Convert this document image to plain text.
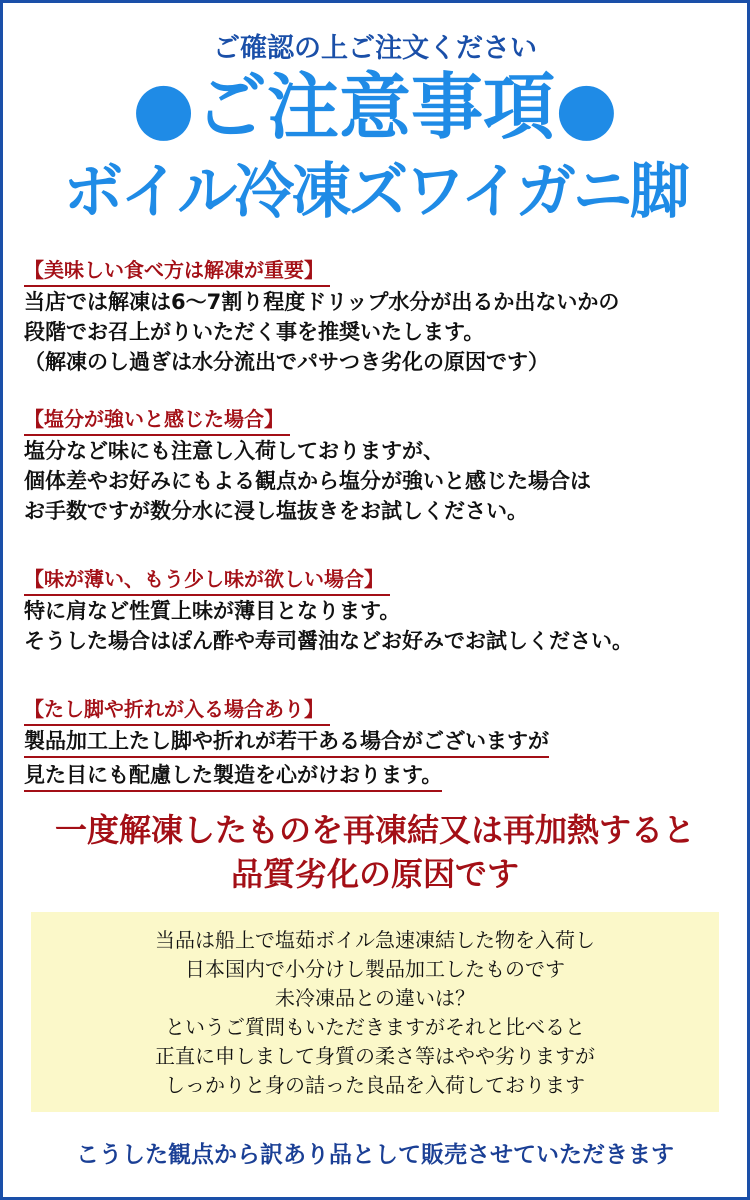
ご確認の上ご注文ください
●ご注意事項●
ボイル冷凍ズワイガニ脚
【美味しい食べ方は解凍が重要】
当店では解凍は6〜7割り程度ドリップ水分が出るか出ないかの
段階でお召上がりいただく事を推奨いたします。
（解凍のし過ぎは水分流出でパサつき劣化の原因です）
【塩分が強いと感じた場合】
塩分など味にも注意し入荷しておりますが、
個体差やお好みにもよる観点から塩分が強いと感じた場合は
お手数ですが数分水に浸し塩抜きをお試しください。
【味が薄い、もう少し味が欲しい場合】
特に肩など性質上味が薄目となります。
そうした場合はぽん酢や寿司醤油などお好みでお試しください。
【たし脚や折れが入る場合あり】
製品加工上たし脚や折れが若干ある場合がございますが 見た目にも配慮した製造を心がけおります。
一度解凍したものを再凍結又は再加熱すると
品質劣化の原因です
当品は船上で塩茹ボイル急速凍結した物を入荷し
日本国内で小分けし製品加工したものです
未冷凍品との違いは？
というご質問もいただきますがそれと比べると
正直に申しまして身質の柔さ等はやや劣りますが
しっかりと身の詰った良品を入荷しております
こうした観点から訳あり品として販売させていただきます
